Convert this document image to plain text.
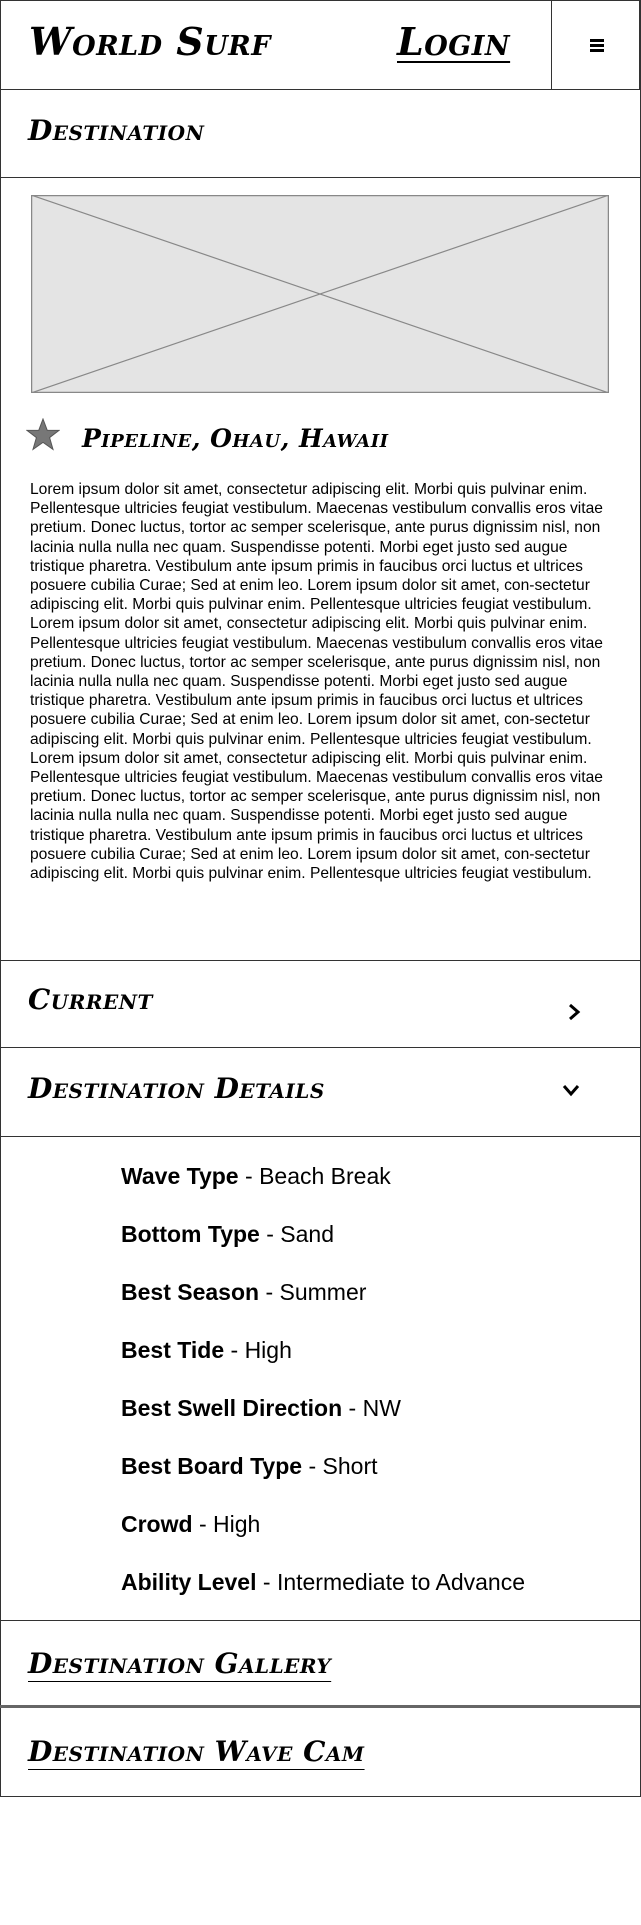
World Surf	Login
Destination
Pipeline, Ohau, Hawaii

Lorem ipsum dolor sit amet, consectetur adipiscing elit. Morbi quis pulvinar enim. Pellentesque ultricies feugiat vestibulum. Maecenas vestibulum convallis eros vitae pretium. Donec luctus, tortor ac semper scelerisque, ante purus dignissim nisl, non lacinia nulla nulla nec quam. Suspendisse potenti. Morbi eget justo sed augue tristique pharetra. Vestibulum ante ipsum primis in faucibus orci luctus et ultrices posuere cubilia Curae; Sed at enim leo. Lorem ipsum dolor sit amet, con-sectetur adipiscing elit. Morbi quis pulvinar enim. Pellentesque ultricies feugiat vestibulum.

Lorem ipsum dolor sit amet, consectetur adipiscing elit. Morbi quis pulvinar enim. Pellentesque ultricies feugiat vestibulum. Maecenas vestibulum convallis eros vitae pretium. Donec luctus, tortor ac semper scelerisque, ante purus dignissim nisl, non lacinia nulla nulla nec quam. Suspendisse potenti. Morbi eget justo sed augue tristique pharetra. Vestibulum ante ipsum primis in faucibus orci luctus et ultrices posuere cubilia Curae; Sed at enim leo. Lorem ipsum dolor sit amet, con-sectetur adipiscing elit. Morbi quis pulvinar enim. Pellentesque ultricies feugiat vestibulum.

Lorem ipsum dolor sit amet, consectetur adipiscing elit. Morbi quis pulvinar enim. Pellentesque ultricies feugiat vestibulum. Maecenas vestibulum convallis eros vitae pretium. Donec luctus, tortor ac semper scelerisque, ante purus dignissim nisl, non lacinia nulla nulla nec quam. Suspendisse potenti. Morbi eget justo sed augue tristique pharetra. Vestibulum ante ipsum primis in faucibus orci luctus et ultrices posuere cubilia Curae; Sed at enim leo. Lorem ipsum dolor sit amet, con-sectetur adipiscing elit. Morbi quis pulvinar enim. Pellentesque ultricies feugiat vestibulum.

Current
Destination Details
Wave Type - Beach Break
Bottom Type - Sand
Best Season - Summer
Best Tide - High
Best Swell Direction - NW
Best Board Type - Short
Crowd - High
Ability Level - Intermediate to Advance
Destination Gallery
Destination Wave Cam
